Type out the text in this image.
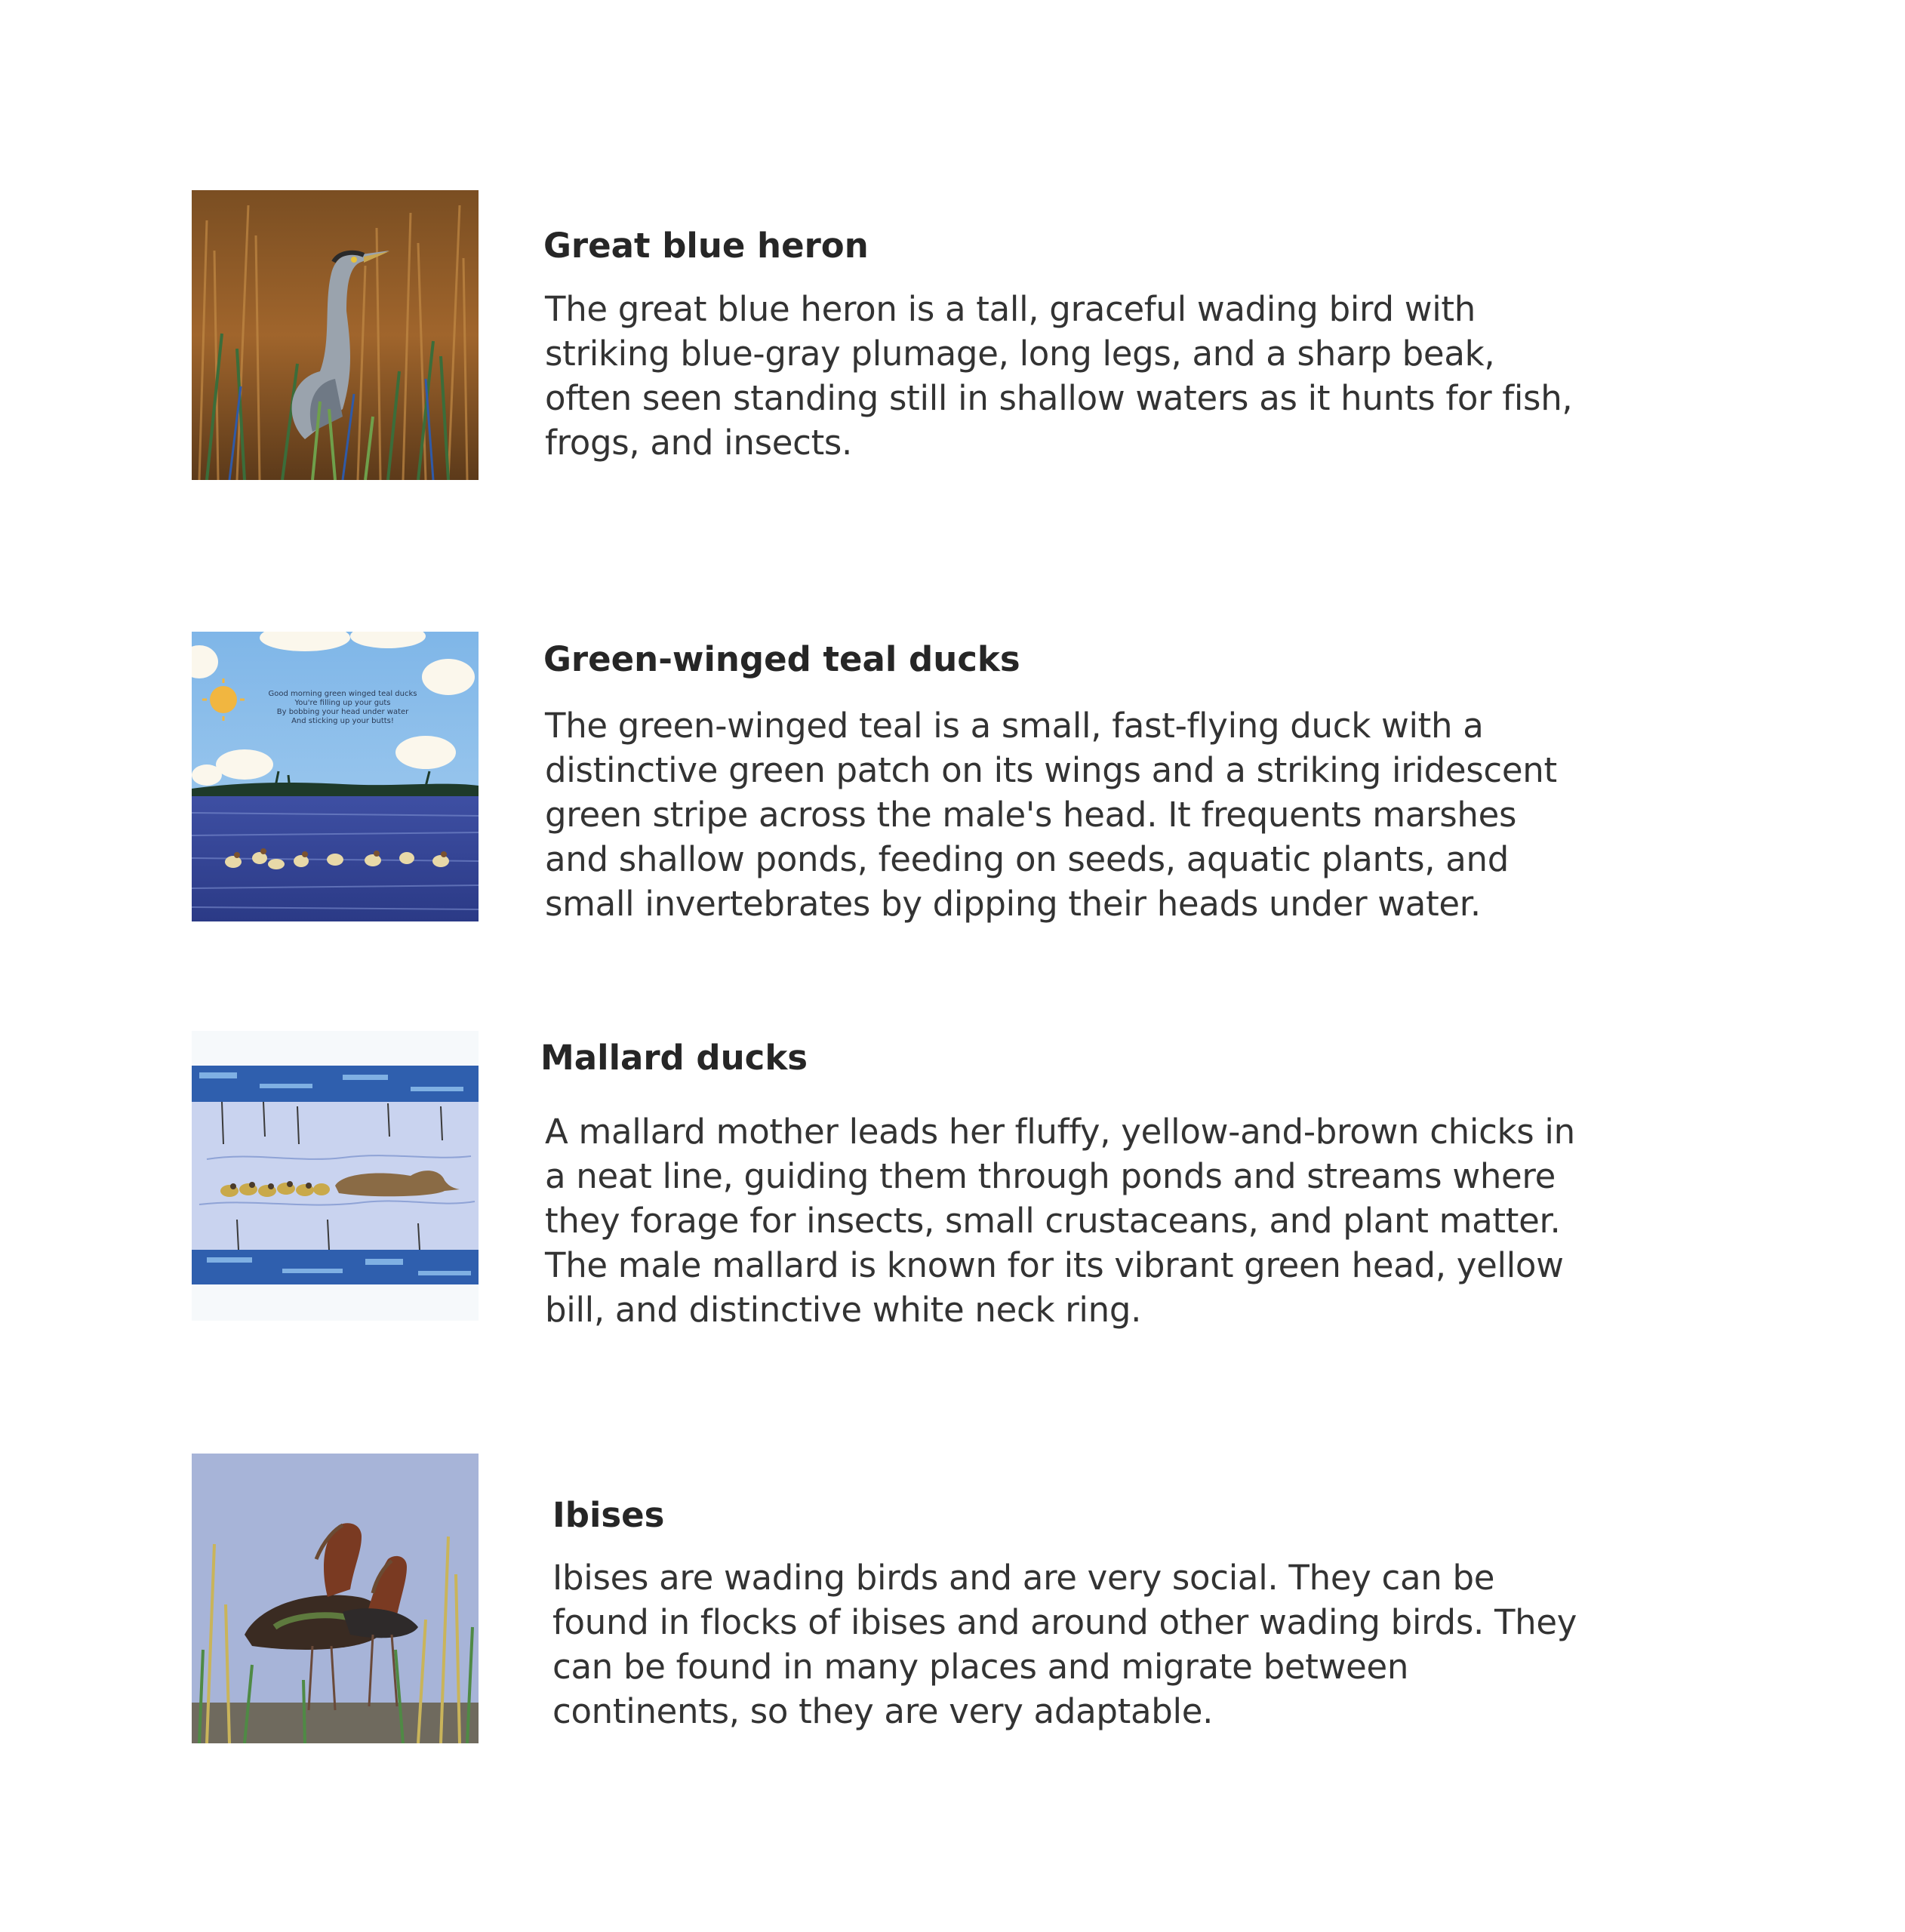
Great blue heron
The great blue heron is a tall, graceful wading bird with
striking blue-gray plumage, long legs, and a sharp beak,
often seen standing still in shallow waters as it hunts for fish,
frogs, and insects.
Good morning green winged teal ducks
You're filling up your guts
By bobbing your head under water
And sticking up your butts!
Green-winged teal ducks
The green-winged teal is a small, fast-flying duck with a
distinctive green patch on its wings and a striking iridescent
green stripe across the male's head. It frequents marshes
and shallow ponds, feeding on seeds, aquatic plants, and
small invertebrates by dipping their heads under water.
Mallard ducks
A mallard mother leads her fluffy, yellow-and-brown chicks in
a neat line, guiding them through ponds and streams where
they forage for insects, small crustaceans, and plant matter.
The male mallard is known for its vibrant green head, yellow
bill, and distinctive white neck ring.
Ibises
Ibises are wading birds and are very social. They can be
found in flocks of ibises and around other wading birds. They
can be found in many places and migrate between
continents, so they are very adaptable.
